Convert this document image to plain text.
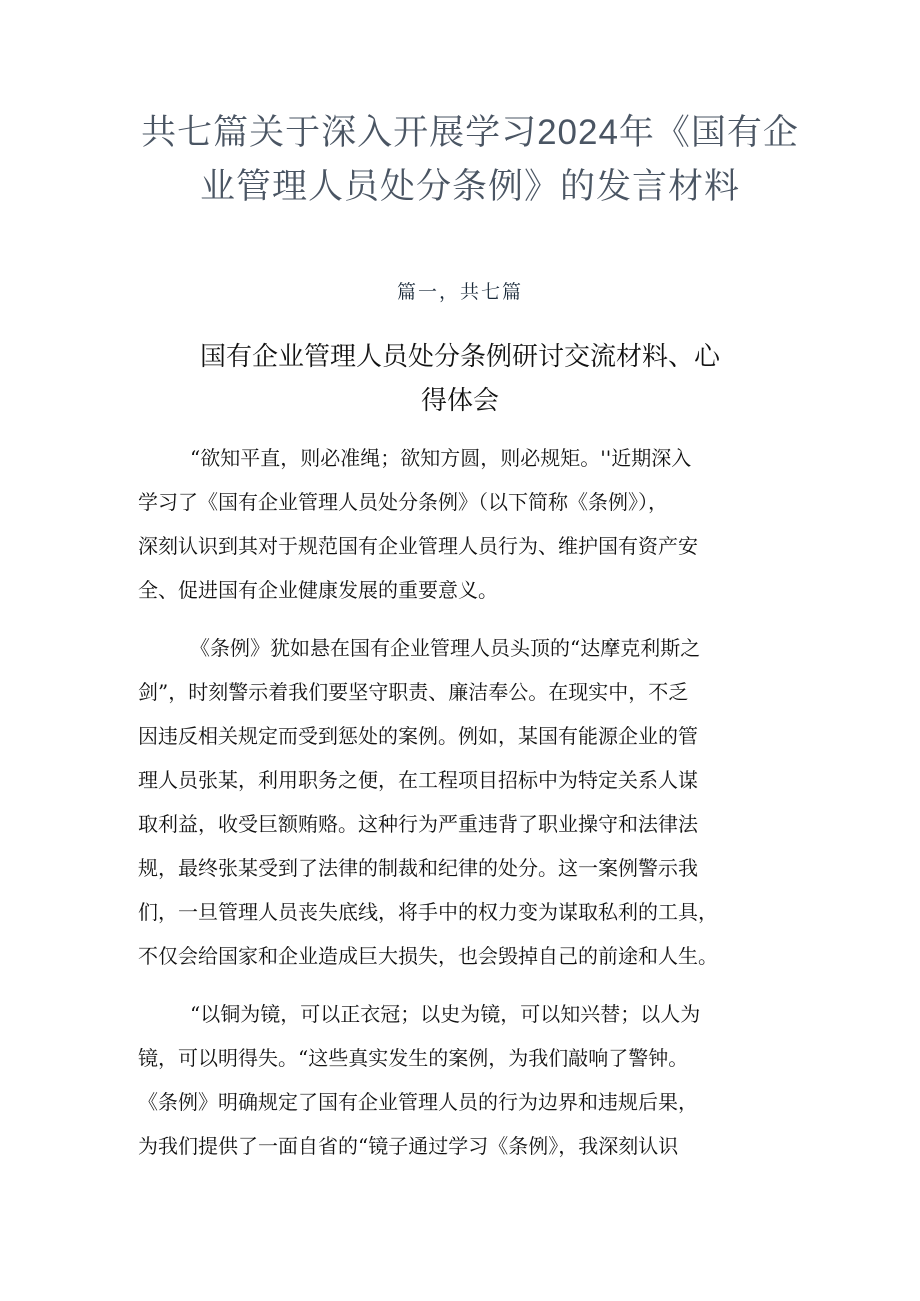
共七篇关于深入开展学习2024年《国有企
业管理人员处分条例》的发言材料
篇一，共七篇
国有企业管理人员处分条例研讨交流材料、心
得体会

“欲知平直，则必准绳；欲知方圆，则必规矩。''近期深入
学习了《国有企业管理人员处分条例》（以下简称《条例》），
深刻认识到其对于规范国有企业管理人员行为、维护国有资产安
全、促进国有企业健康发展的重要意义。

《条例》犹如悬在国有企业管理人员头顶的“达摩克利斯之
剑”，时刻警示着我们要坚守职责、廉洁奉公。在现实中，不乏
因违反相关规定而受到惩处的案例。例如，某国有能源企业的管
理人员张某，利用职务之便，在工程项目招标中为特定关系人谋
取利益，收受巨额贿赂。这种行为严重违背了职业操守和法律法
规，最终张某受到了法律的制裁和纪律的处分。这一案例警示我
们，一旦管理人员丧失底线，将手中的权力变为谋取私利的工具，
不仅会给国家和企业造成巨大损失，也会毁掉自己的前途和人生。

“以铜为镜，可以正衣冠；以史为镜，可以知兴替；以人为
镜，可以明得失。“这些真实发生的案例，为我们敲响了警钟。
《条例》明确规定了国有企业管理人员的行为边界和违规后果，
为我们提供了一面自省的“镜子通过学习《条例》，我深刻认识
